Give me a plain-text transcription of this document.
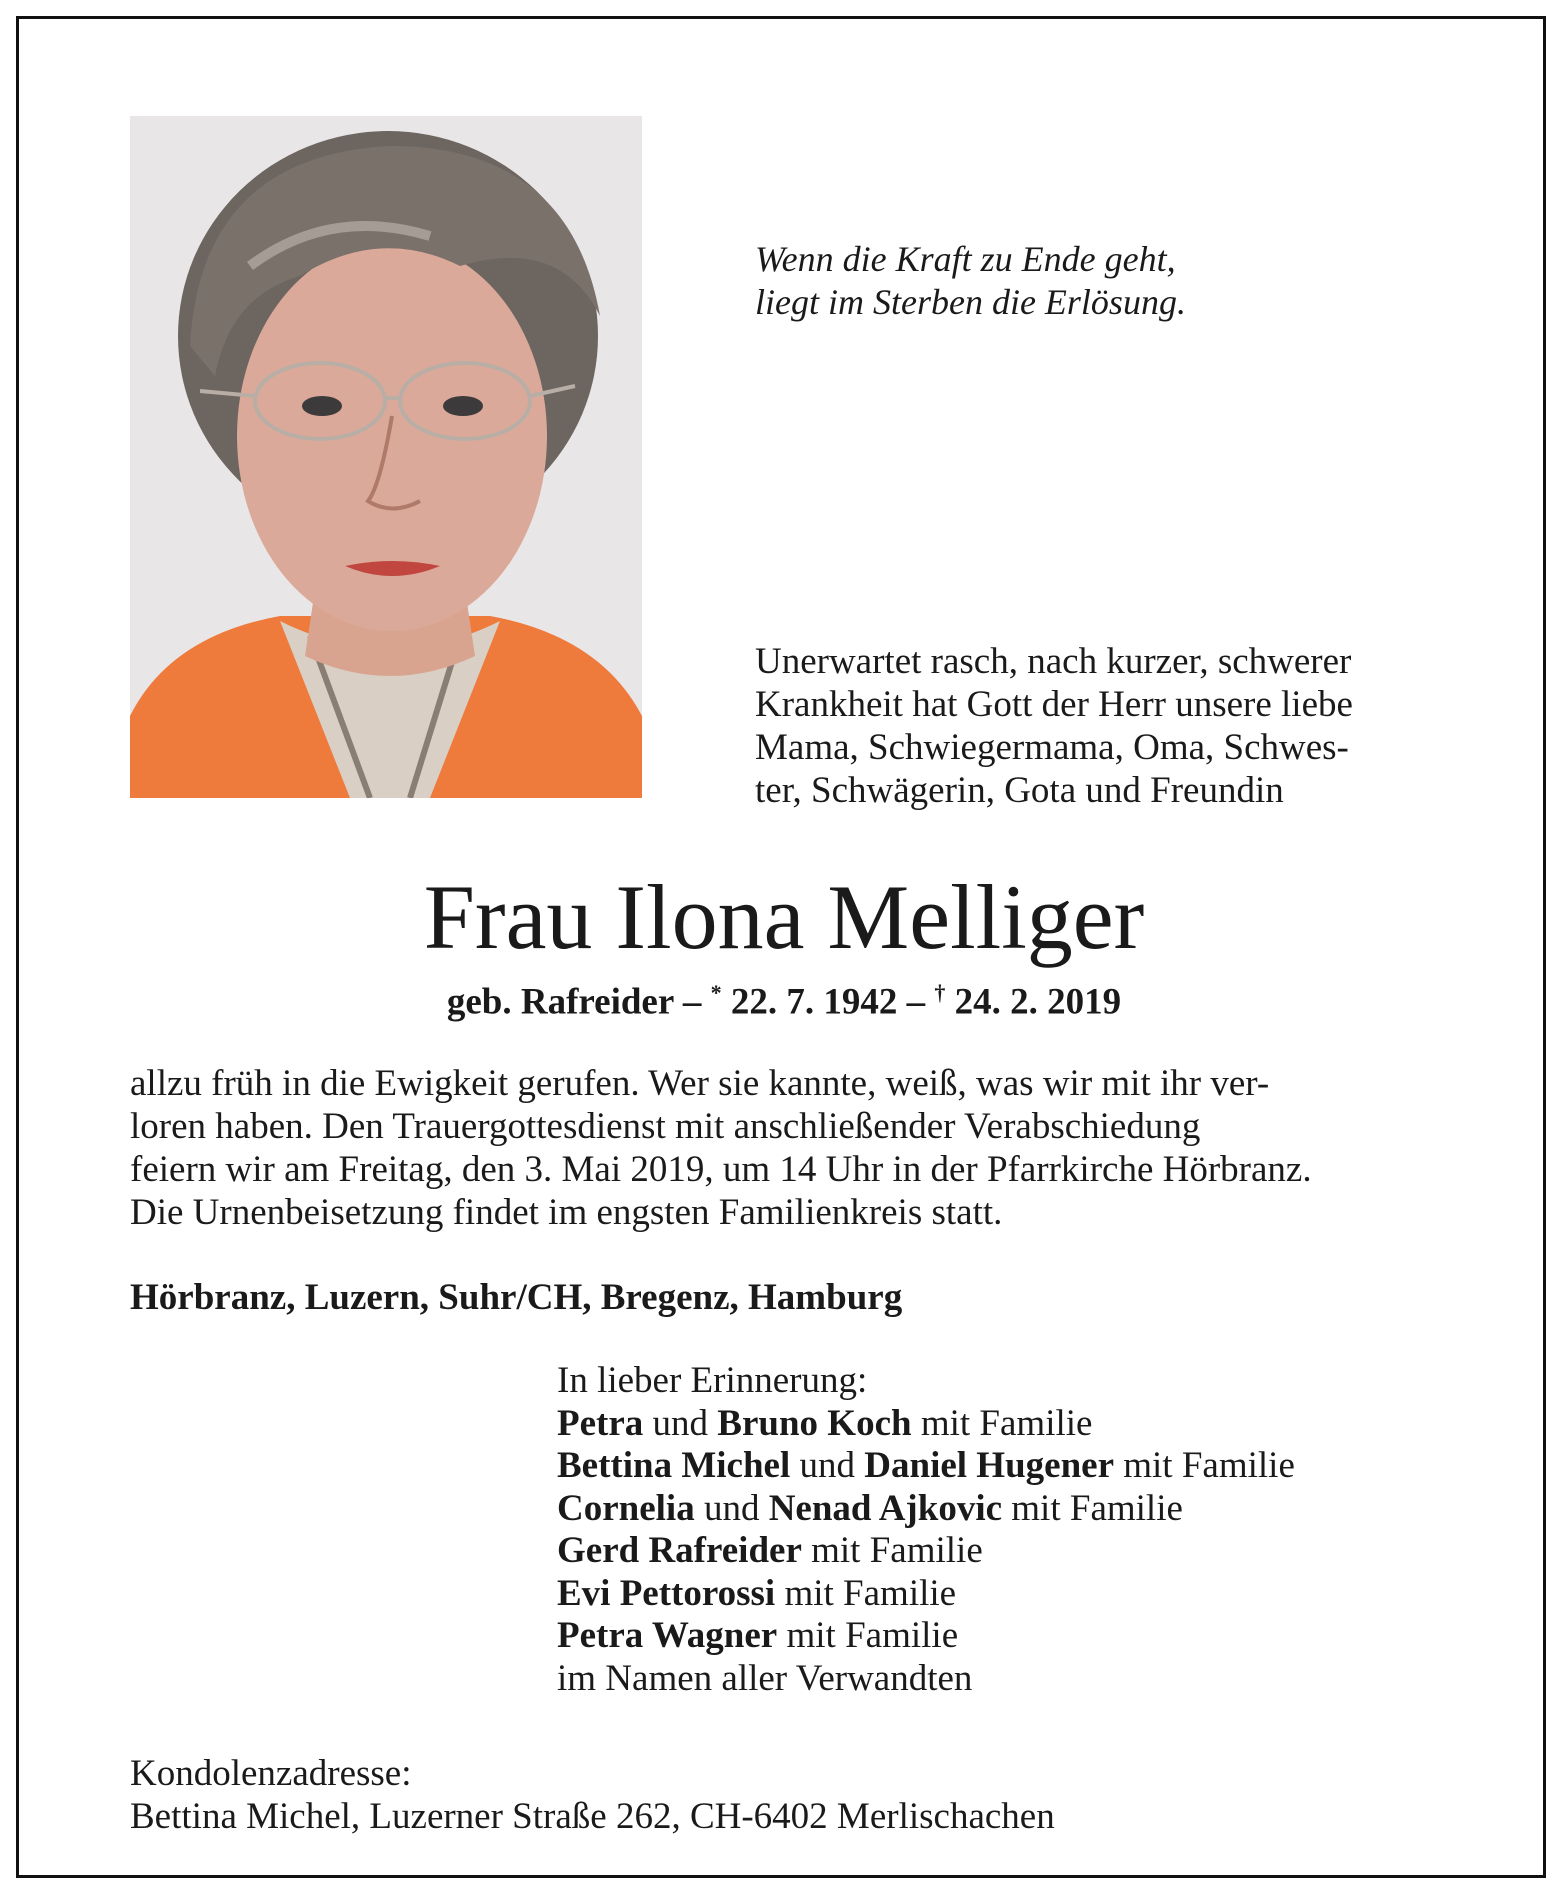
Wenn die Kraft zu Ende geht,
liegt im Sterben die Erlösung.
Unerwartet rasch, nach kurzer, schwerer
Krankheit hat Gott der Herr unsere liebe
Mama, Schwiegermama, Oma, Schwes-
ter, Schwägerin, Gota und Freundin
Frau Ilona Melliger
geb. Rafreider – * 22. 7. 1942 – † 24. 2. 2019
allzu früh in die Ewigkeit gerufen. Wer sie kannte, weiß, was wir mit ihr ver-
loren haben. Den Trauergottesdienst mit anschließender Verabschiedung
feiern wir am Freitag, den 3. Mai 2019, um 14 Uhr in der Pfarrkirche Hörbranz.
Die Urnenbeisetzung findet im engsten Familienkreis statt.
Hörbranz, Luzern, Suhr/CH, Bregenz, Hamburg
In lieber Erinnerung:
Petra und Bruno Koch mit Familie
Bettina Michel und Daniel Hugener mit Familie
Cornelia und Nenad Ajkovic mit Familie
Gerd Rafreider mit Familie
Evi Pettorossi mit Familie
Petra Wagner mit Familie
im Namen aller Verwandten
Kondolenzadresse:
Bettina Michel, Luzerner Straße 262, CH-6402 Merlischachen
